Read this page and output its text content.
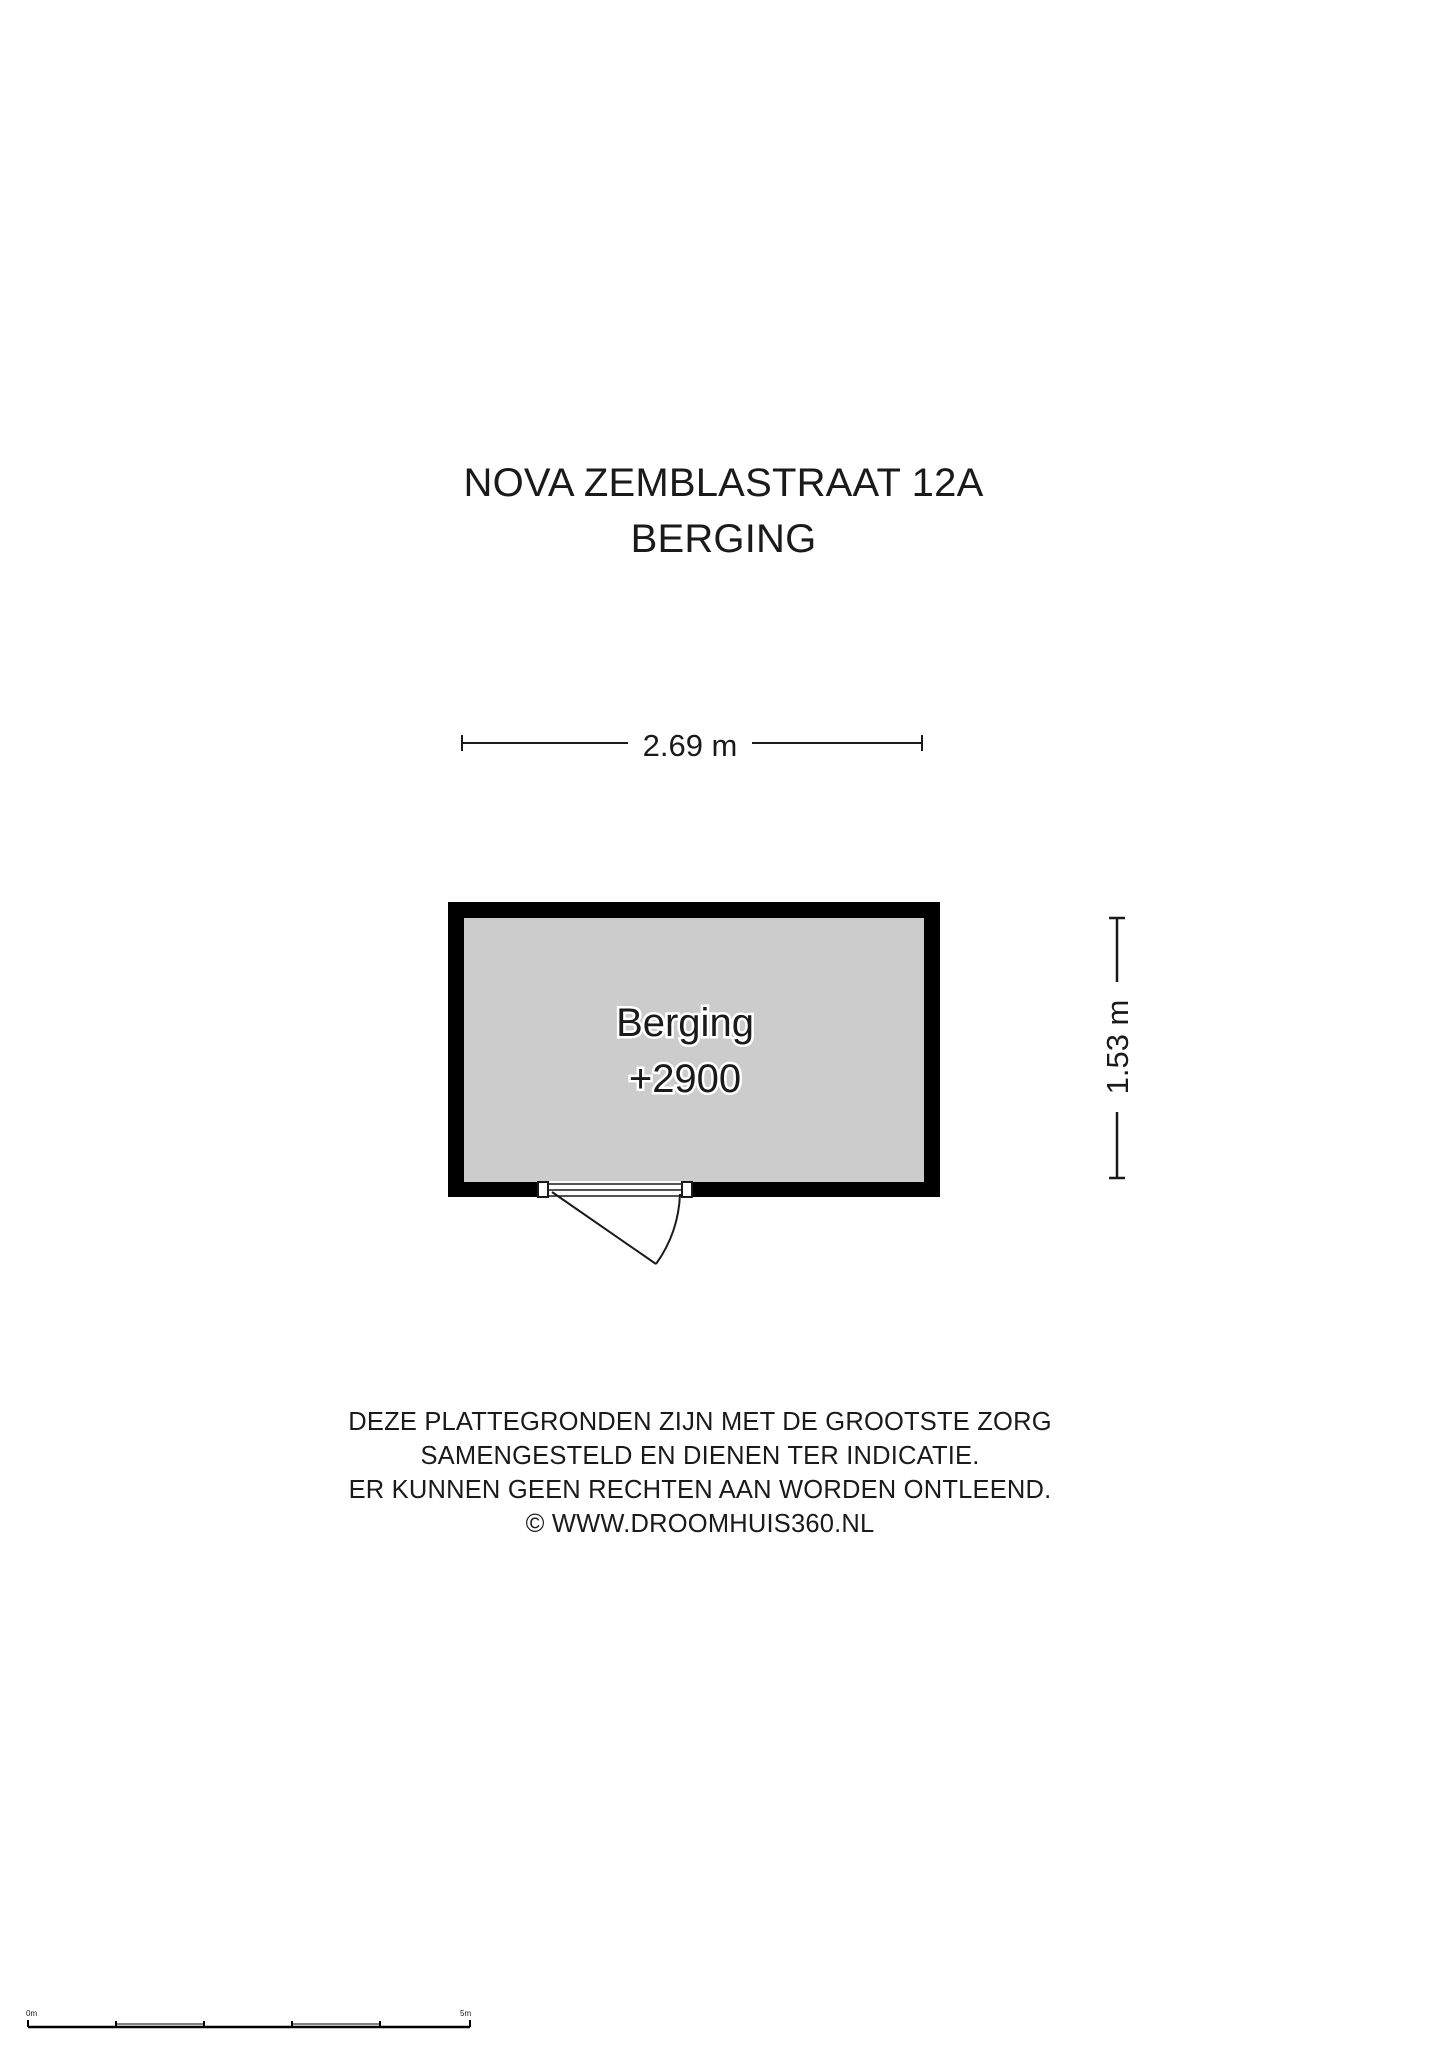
NOVA ZEMBLASTRAAT 12A
BERGING
2.69 m
1.53 m
Berging
+2900
0m	5m
DEZE PLATTEGRONDEN ZIJN MET DE GROOTSTE ZORG
SAMENGESTELD EN DIENEN TER INDICATIE.
ER KUNNEN GEEN RECHTEN AAN WORDEN ONTLEEND.
© WWW.DROOMHUIS360.NL
